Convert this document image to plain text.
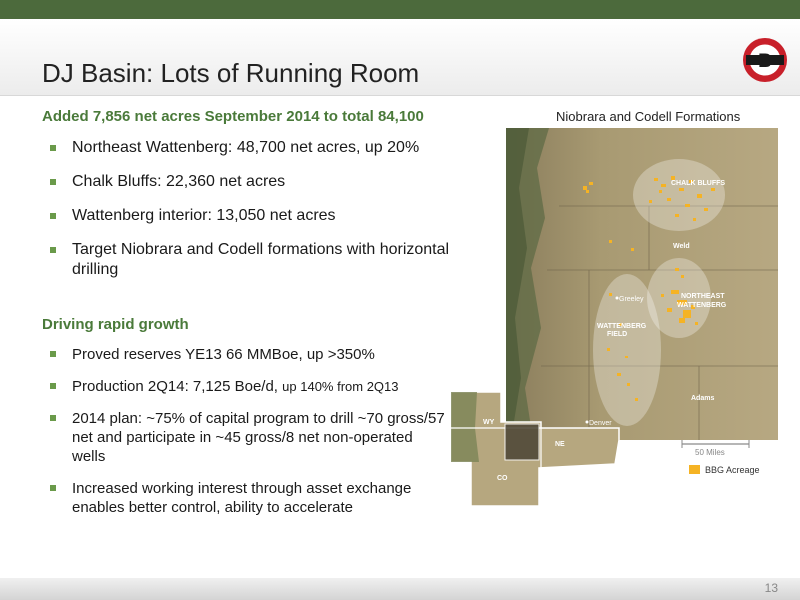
DJ Basin: Lots of Running Room	B
Added 7,856 net acres September 2014 to total 84,100	Niobrara and Codell Formations
Northeast Wattenberg: 48,700 net acres, up 20%
Chalk Bluffs: 22,360 net acres
Wattenberg interior: 13,050 net acres
Target Niobrara and Codell formations with horizontal drilling
Driving rapid growth
Proved reserves YE13 66 MMBoe, up >350%
Production 2Q14: 7,125 Boe/d, up 140% from 2Q13
2014 plan: ~75% of capital program to drill ~70 gross/57 net and participate in ~45 gross/8 net non-operated wells
Increased working interest through asset exchange enables better control, ability to accelerate
CHALK BLUFFS
Weld
NORTHEAST
WATTENBERG
Greeley
WATTENBERG
FIELD
Adams
Denver
WY
NE
CO
50 Miles
BBG Acreage
13
